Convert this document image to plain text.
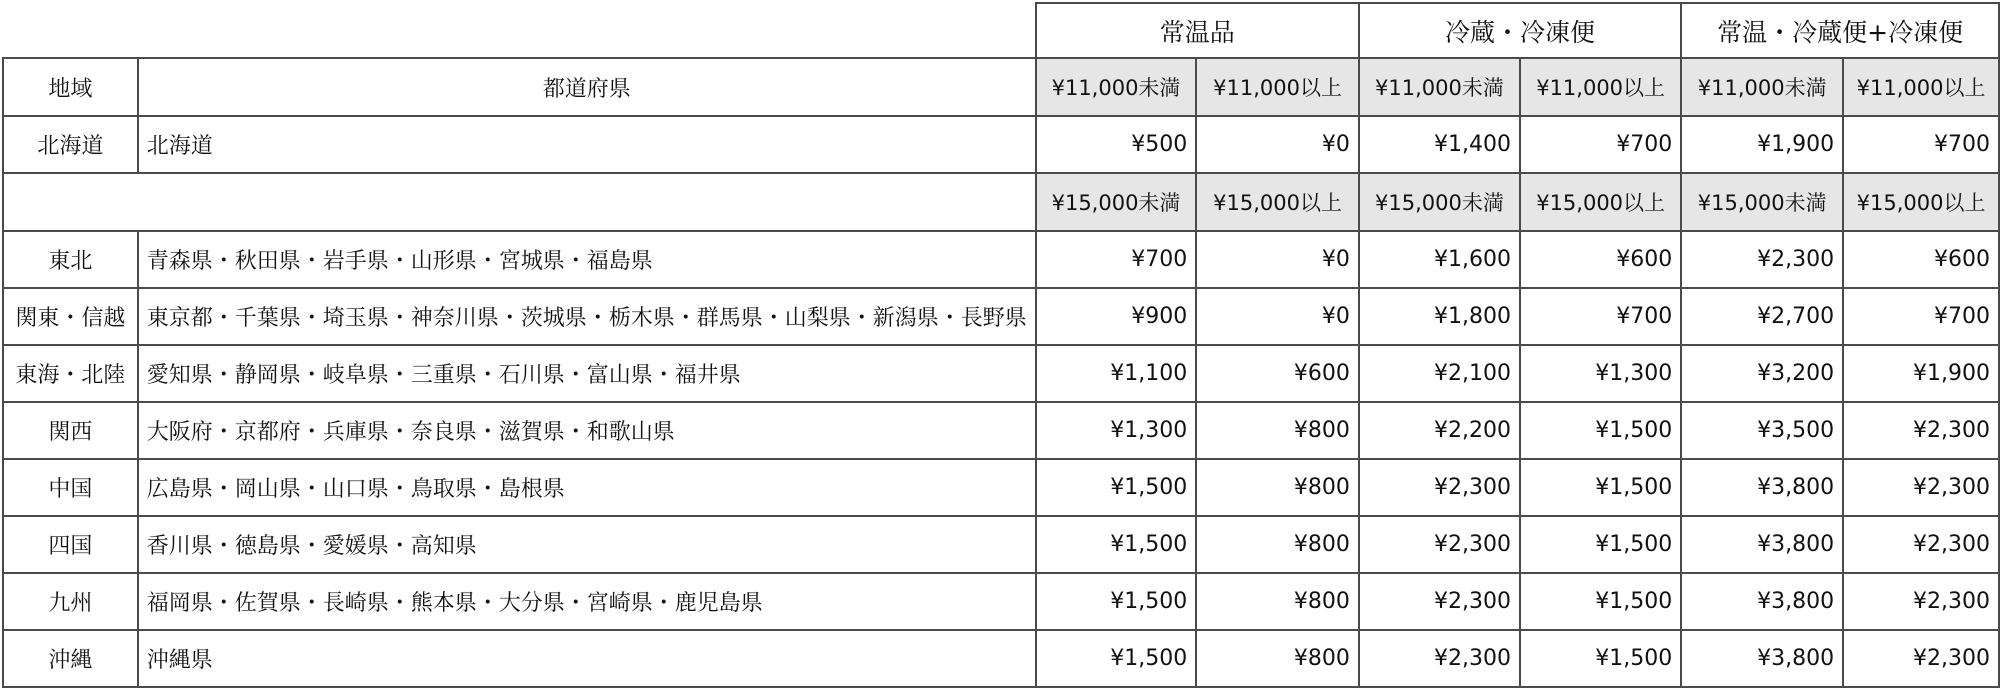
		常温品		冷蔵・冷凍便		常温・冷蔵便+冷凍便	
地域	都道府県	¥11,000未満	¥11,000以上	¥11,000未満	¥11,000以上	¥11,000未満	¥11,000以上
北海道	北海道	¥500	¥0	¥1,400	¥700	¥1,900	¥700
		¥15,000未満	¥15,000以上	¥15,000未満	¥15,000以上	¥15,000未満	¥15,000以上
東北	青森県・秋田県・岩手県・山形県・宮城県・福島県	¥700	¥0	¥1,600	¥600	¥2,300	¥600
関東・信越	東京都・千葉県・埼玉県・神奈川県・茨城県・栃木県・群馬県・山梨県・新潟県・長野県	¥900	¥0	¥1,800	¥700	¥2,700	¥700
東海・北陸	愛知県・静岡県・岐阜県・三重県・石川県・富山県・福井県	¥1,100	¥600	¥2,100	¥1,300	¥3,200	¥1,900
関西	大阪府・京都府・兵庫県・奈良県・滋賀県・和歌山県	¥1,300	¥800	¥2,200	¥1,500	¥3,500	¥2,300
中国	広島県・岡山県・山口県・鳥取県・島根県	¥1,500	¥800	¥2,300	¥1,500	¥3,800	¥2,300
四国	香川県・徳島県・愛媛県・高知県	¥1,500	¥800	¥2,300	¥1,500	¥3,800	¥2,300
九州	福岡県・佐賀県・長崎県・熊本県・大分県・宮崎県・鹿児島県	¥1,500	¥800	¥2,300	¥1,500	¥3,800	¥2,300
沖縄	沖縄県	¥1,500	¥800	¥2,300	¥1,500	¥3,800	¥2,300
